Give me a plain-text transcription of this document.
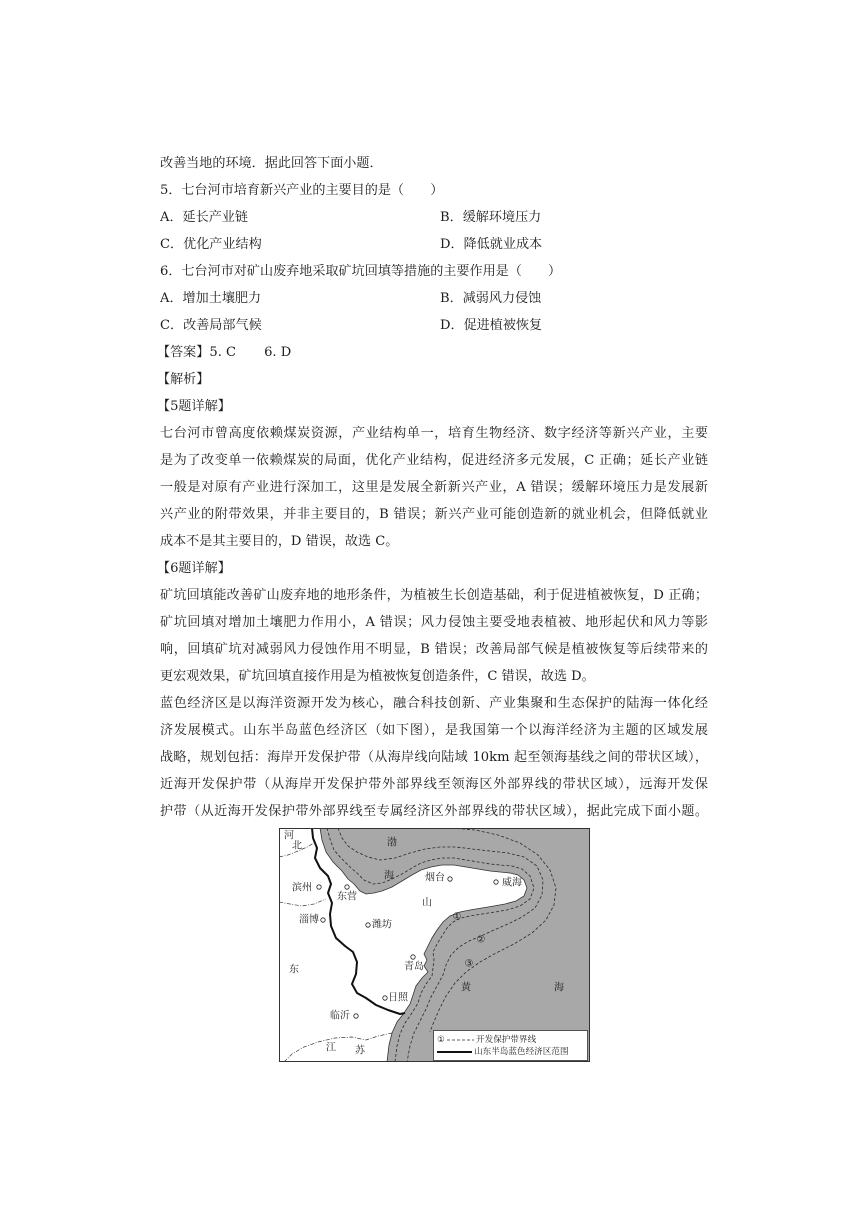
改善当地的环境．据此回答下面小题．
5．七台河市培育新兴产业的主要目的是（　　）
A．延长产业链	B．缓解环境压力
C．优化产业结构	D．降低就业成本
6．七台河市对矿山废弃地采取矿坑回填等措施的主要作用是（　　）
A．增加土壤肥力	B．减弱风力侵蚀
C．改善局部气候	D．促进植被恢复
【答案】5. C 6. D
【解析】
【5题详解】
七台河市曾高度依赖煤炭资源，产业结构单一，培育生物经济、数字经济等新兴产业，主要
是为了改变单一依赖煤炭的局面，优化产业结构，促进经济多元发展，C 正确；延长产业链
一般是对原有产业进行深加工，这里是发展全新新兴产业，A 错误；缓解环境压力是发展新
兴产业的附带效果，并非主要目的，B 错误；新兴产业可能创造新的就业机会，但降低就业
成本不是其主要目的，D 错误，故选 C。
【6题详解】
矿坑回填能改善矿山废弃地的地形条件，为植被生长创造基础，利于促进植被恢复，D 正确；
矿坑回填对增加土壤肥力作用小，A 错误；风力侵蚀主要受地表植被、地形起伏和风力等影
响，回填矿坑对减弱风力侵蚀作用不明显，B 错误；改善局部气候是植被恢复等后续带来的
更宏观效果，矿坑回填直接作用是为植被恢复创造条件，C 错误，故选 D。
蓝色经济区是以海洋资源开发为核心，融合科技创新、产业集聚和生态保护的陆海一体化经
济发展模式。山东半岛蓝色经济区（如下图），是我国第一个以海洋经济为主题的区域发展
战略，规划包括：海岸开发保护带（从海岸线向陆域 10km 起至领海基线之间的带状区域），
近海开发保护带（从海岸开发保护带外部界线至领海区外部界线的带状区域），远海开发保
护带（从近海开发保护带外部界线至专属经济区外部界线的带状区域），据此完成下面小题。
河
北	渤
海	烟台	威海
滨州
东营
山
淄博	潍坊
东	青岛
黄	海
日照
临沂
江 苏
①
②
③
①	开发保护带界线
山东半岛蓝色经济区范围
